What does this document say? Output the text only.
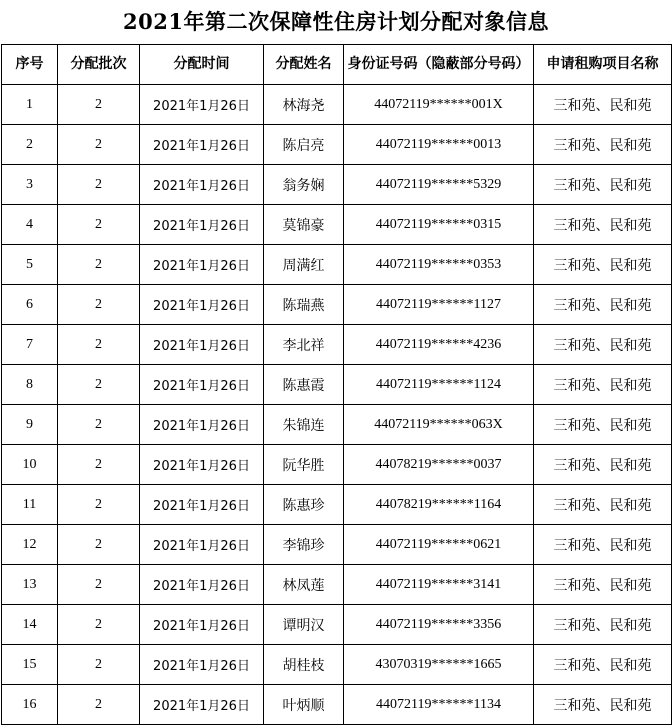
2021年第二次保障性住房计划分配对象信息
序号	分配批次	分配时间	分配姓名	身份证号码（隐蔽部分号码）	申请租购项目名称
1	2	2021年1月26日	林海尧	44072119******001X	三和苑、民和苑
2	2	2021年1月26日	陈启亮	44072119******0013	三和苑、民和苑
3	2	2021年1月26日	翁务娴	44072119******5329	三和苑、民和苑
4	2	2021年1月26日	莫锦豪	44072119******0315	三和苑、民和苑
5	2	2021年1月26日	周满红	44072119******0353	三和苑、民和苑
6	2	2021年1月26日	陈瑞燕	44072119******1127	三和苑、民和苑
7	2	2021年1月26日	李北祥	44072119******4236	三和苑、民和苑
8	2	2021年1月26日	陈惠霞	44072119******1124	三和苑、民和苑
9	2	2021年1月26日	朱锦连	44072119******063X	三和苑、民和苑
10	2	2021年1月26日	阮华胜	44078219******0037	三和苑、民和苑
11	2	2021年1月26日	陈惠珍	44078219******1164	三和苑、民和苑
12	2	2021年1月26日	李锦珍	44072119******0621	三和苑、民和苑
13	2	2021年1月26日	林凤莲	44072119******3141	三和苑、民和苑
14	2	2021年1月26日	谭明汉	44072119******3356	三和苑、民和苑
15	2	2021年1月26日	胡桂枝	43070319******1665	三和苑、民和苑
16	2	2021年1月26日	叶炳顺	44072119******1134	三和苑、民和苑
